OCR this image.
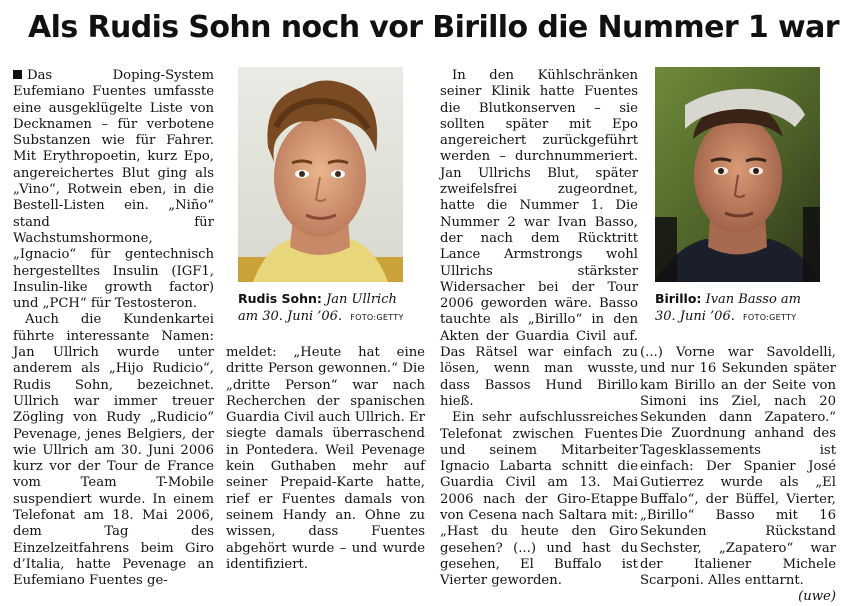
Als Rudis Sohn noch vor Birillo die Nummer 1 war

Das Doping-System Eufemiano Fuentes umfasste eine ausgeklügelte Liste von Decknamen – für verbotene Substanzen wie für Fahrer. Mit Erythropoetin, kurz Epo, angereichertes Blut ging als „Vino“, Rotwein eben, in die Bestell-Listen ein. „Niño“ stand für Wachstumshormone, „Ignacio“ für gentechnisch hergestelltes Insulin (IGF1, Insulin-like growth factor) und „PCH“ für Testosteron.

Auch die Kundenkartei führte interessante Namen: Jan Ullrich wurde unter anderem als „Hijo Rudicio“, Rudis Sohn, bezeichnet. Ullrich war immer treuer Zögling von Rudy „Rudicio“ Pevenage, jenes Belgiers, der wie Ullrich am 30. Juni 2006 kurz vor der Tour de France vom Team T-Mobile suspendiert wurde. In einem Telefonat am 18. Mai 2006, dem Tag des Einzelzeitfahrens beim Giro d’Italia, hatte Pevenage an Eufemiano Fuentes ge-

Rudis Sohn: Jan Ullrich am 30. Juni ’06. FOTO:GETTY

meldet: „Heute hat eine dritte Person gewonnen.“ Die „dritte Person“ war nach Recherchen der spanischen Guardia Civil auch Ullrich. Er siegte damals überraschend in Pontedera. Weil Pevenage kein Guthaben mehr auf seiner Prepaid-Karte hatte, rief er Fuentes damals von seinem Handy an. Ohne zu wissen, dass Fuentes abgehört wurde – und wurde identifiziert.

In den Kühlschränken seiner Klinik hatte Fuentes die Blutkonserven – sie sollten später mit Epo angereichert zurückgeführt werden – durchnummeriert. Jan Ullrichs Blut, später zweifelsfrei zugeordnet, hatte die Nummer 1. Die Nummer 2 war Ivan Basso, der nach dem Rücktritt Lance Armstrongs wohl Ullrichs stärkster Widersacher bei der Tour 2006 geworden wäre. Basso tauchte als „Birillo“ in den Akten der Guardia Civil auf. Das Rätsel war einfach zu lösen, wenn man wusste, dass Bassos Hund Birillo hieß.

Ein sehr aufschlussreiches Telefonat zwischen Fuentes und seinem Mitarbeiter Ignacio Labarta schnitt die Guardia Civil am 13. Mai 2006 nach der Giro-Etappe von Cesena nach Saltara mit: „Hast du heute den Giro gesehen? (...) und hast du gesehen, El Buffalo ist Vierter geworden.

Birillo: Ivan Basso am 30. Juni ’06. FOTO:GETTY

(...) Vorne war Savoldelli, und nur 16 Sekunden später kam Birillo an der Seite von Simoni ins Ziel, nach 20 Sekunden dann Zapatero.“ Die Zuordnung anhand des Tagesklassements ist einfach: Der Spanier José Gutierrez wurde als „El Buffalo“, der Büffel, Vierter, „Birillo“ Basso mit 16 Sekunden Rückstand Sechster, „Zapatero“ war der Italiener Michele Scarponi. Alles enttarnt.
(uwe)
